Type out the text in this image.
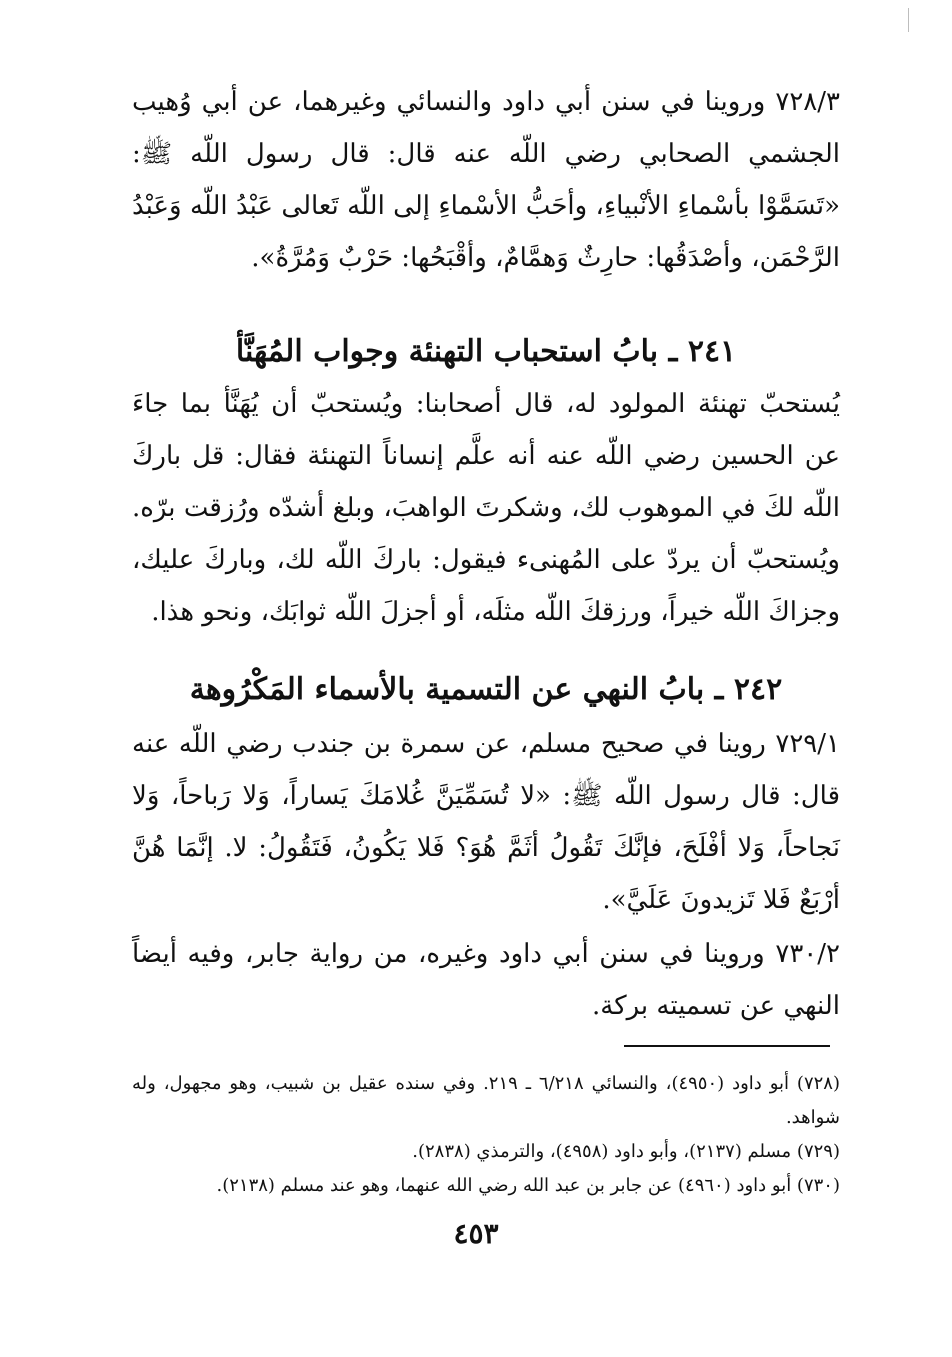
٧٢٨/٣ وروينا في سنن أبي داود والنسائي وغيرهما، عن أبي وُهيب الجشمي الصحابي رضي اللّه عنه قال: قال رسول اللّه ﷺ: «تَسَمَّوْا بأسْماءِ الأنْبياءِ، وأحَبُّ الأسْماءِ إلى اللّه تَعالى عَبْدُ اللّه وَعَبْدُ الرَّحْمَن، وأصْدَقُها: حارِثٌ وَهمَّامٌ، وأقْبَحُها: حَرْبٌ وَمُرَّةُ».

٢٤١ ـ بابُ استحباب التهنئة وجواب المُهَنَّأ

يُستحبّ تهنئة المولود له، قال أصحابنا: ويُستحبّ أن يُهَنَّأ بما جاءَ عن الحسين رضي اللّه عنه أنه علَّم إنساناً التهنئة فقال: قل باركَ اللّه لكَ في الموهوب لك، وشكرتَ الواهبَ، وبلغ أشدّه ورُزقت برّه. ويُستحبّ أن يردّ على المُهنىء فيقول: باركَ اللّه لك، وباركَ عليك، وجزاكَ اللّه خيراً، ورزقكَ اللّه مثلَه، أو أجزلَ اللّه ثوابَك، ونحو هذا.

٢٤٢ ـ بابُ النهي عن التسمية بالأسماء المَكْرُوهة

٧٢٩/١ روينا في صحيح مسلم، عن سمرة بن جندب رضي اللّه عنه قال: قال رسول اللّه ﷺ: «لا تُسَمِّيَنَّ غُلامَكَ يَساراً، وَلا رَباحاً، وَلا نَجاحاً، وَلا أفْلَحَ، فإنَّكَ تَقُولُ أثَمَّ هُوَ؟ فَلا يَكُونُ، فَتَقُولُ: لا. إنَّمَا هُنَّ أرْبَعٌ فَلا تَزيدونَ عَلَيَّ».

٧٣٠/٢ وروينا في سنن أبي داود وغيره، من رواية جابر، وفيه أيضاً النهي عن تسميته بركة.

(٧٢٨) أبو داود (٤٩٥٠)، والنسائي ٦/٢١٨ ـ ٢١٩. وفي سنده عقيل بن شبيب، وهو مجهول، وله شواهد.

(٧٢٩) مسلم (٢١٣٧)، وأبو داود (٤٩٥٨)، والترمذي (٢٨٣٨).

(٧٣٠) أبو داود (٤٩٦٠) عن جابر بن عبد الله رضي الله عنهما، وهو عند مسلم (٢١٣٨).

٤٥٣
